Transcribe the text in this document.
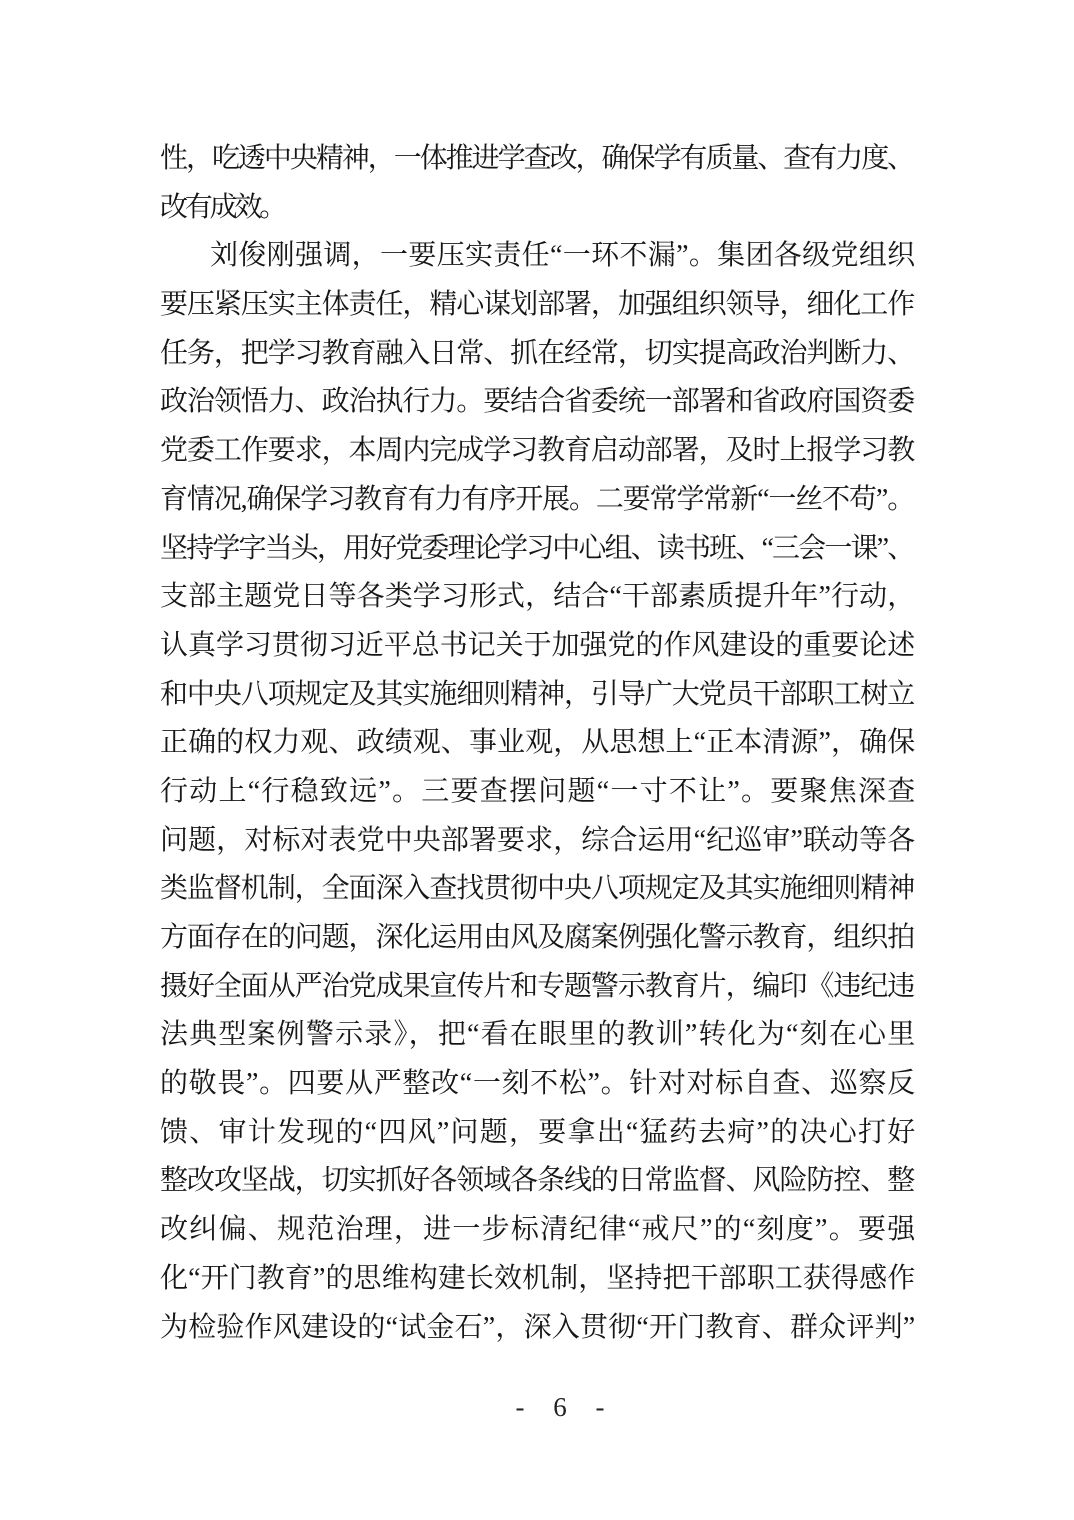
性，吃透中央精神，一体推进学查改，确保学有质量、查有力度、
改有成效。
刘俊刚强调，一要压实责任“一环不漏”。集团各级党组织
要压紧压实主体责任，精心谋划部署，加强组织领导，细化工作
任务，把学习教育融入日常、抓在经常，切实提高政治判断力、
政治领悟力、政治执行力。要结合省委统一部署和省政府国资委
党委工作要求，本周内完成学习教育启动部署，及时上报学习教
育情况,确保学习教育有力有序开展。二要常学常新“一丝不苟”。
坚持学字当头，用好党委理论学习中心组、读书班、“三会一课”、
支部主题党日等各类学习形式，结合“干部素质提升年”行动，
认真学习贯彻习近平总书记关于加强党的作风建设的重要论述
和中央八项规定及其实施细则精神，引导广大党员干部职工树立
正确的权力观、政绩观、事业观，从思想上“正本清源”，确保
行动上“行稳致远”。三要查摆问题“一寸不让”。要聚焦深查
问题，对标对表党中央部署要求，综合运用“纪巡审”联动等各
类监督机制，全面深入查找贯彻中央八项规定及其实施细则精神
方面存在的问题，深化运用由风及腐案例强化警示教育，组织拍
摄好全面从严治党成果宣传片和专题警示教育片，编印《违纪违
法典型案例警示录》，把“看在眼里的教训”转化为“刻在心里
的敬畏”。四要从严整改“一刻不松”。针对对标自查、巡察反
馈、审计发现的“四风”问题，要拿出“猛药去疴”的决心打好
整改攻坚战，切实抓好各领域各条线的日常监督、风险防控、整
改纠偏、规范治理，进一步标清纪律“戒尺”的“刻度”。要强
化“开门教育”的思维构建长效机制，坚持把干部职工获得感作
为检验作风建设的“试金石”，深入贯彻“开门教育、群众评判”
- 6 -
